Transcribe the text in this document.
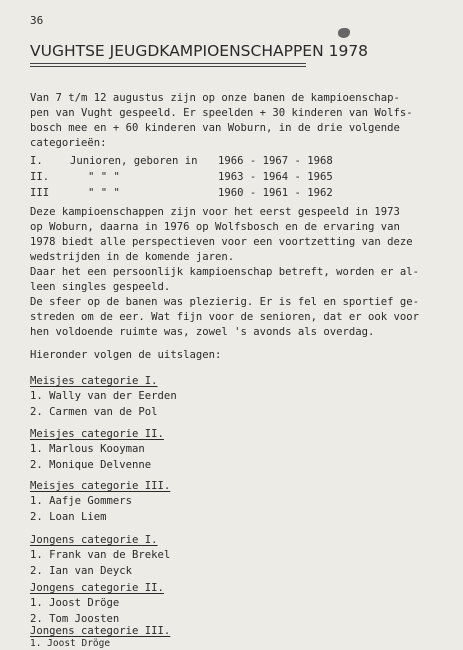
36
VUGHTSE JEUGDKAMPIOENSCHAPPEN 1978
Van 7 t/m 12 augustus zijn op onze banen de kampioenschap-
pen van Vught gespeeld. Er speelden + 30 kinderen van Wolfs-
bosch mee en + 60 kinderen van Woburn, in de drie volgende
categorieën:
I.	Junioren, geboren in 1966 - 1967 - 1968
II.	" " "	1963 - 1964 - 1965
III	" " "	1960 - 1961 - 1962
Deze kampioenschappen zijn voor het eerst gespeeld in 1973
op Woburn, daarna in 1976 op Wolfsbosch en de ervaring van
1978 biedt alle perspectieven voor een voortzetting van deze
wedstrijden in de komende jaren.
Daar het een persoonlijk kampioenschap betreft, worden er al-
leen singles gespeeld.
De sfeer op de banen was plezierig. Er is fel en sportief ge-
streden om de eer. Wat fijn voor de senioren, dat er ook voor
hen voldoende ruimte was, zowel 's avonds als overdag.
Hieronder volgen de uitslagen:
Meisjes categorie I.
1. Wally van der Eerden
2. Carmen van de Pol
Meisjes categorie II.
1. Marlous Kooyman
2. Monique Delvenne
Meisjes categorie III.
1. Aafje Gommers
2. Loan Liem
Jongens categorie I.
1. Frank van de Brekel
2. Ian van Deyck
Jongens categorie II.
1. Joost Dröge
2. Tom Joosten
Jongens categorie III.
1. Joost Dröge
